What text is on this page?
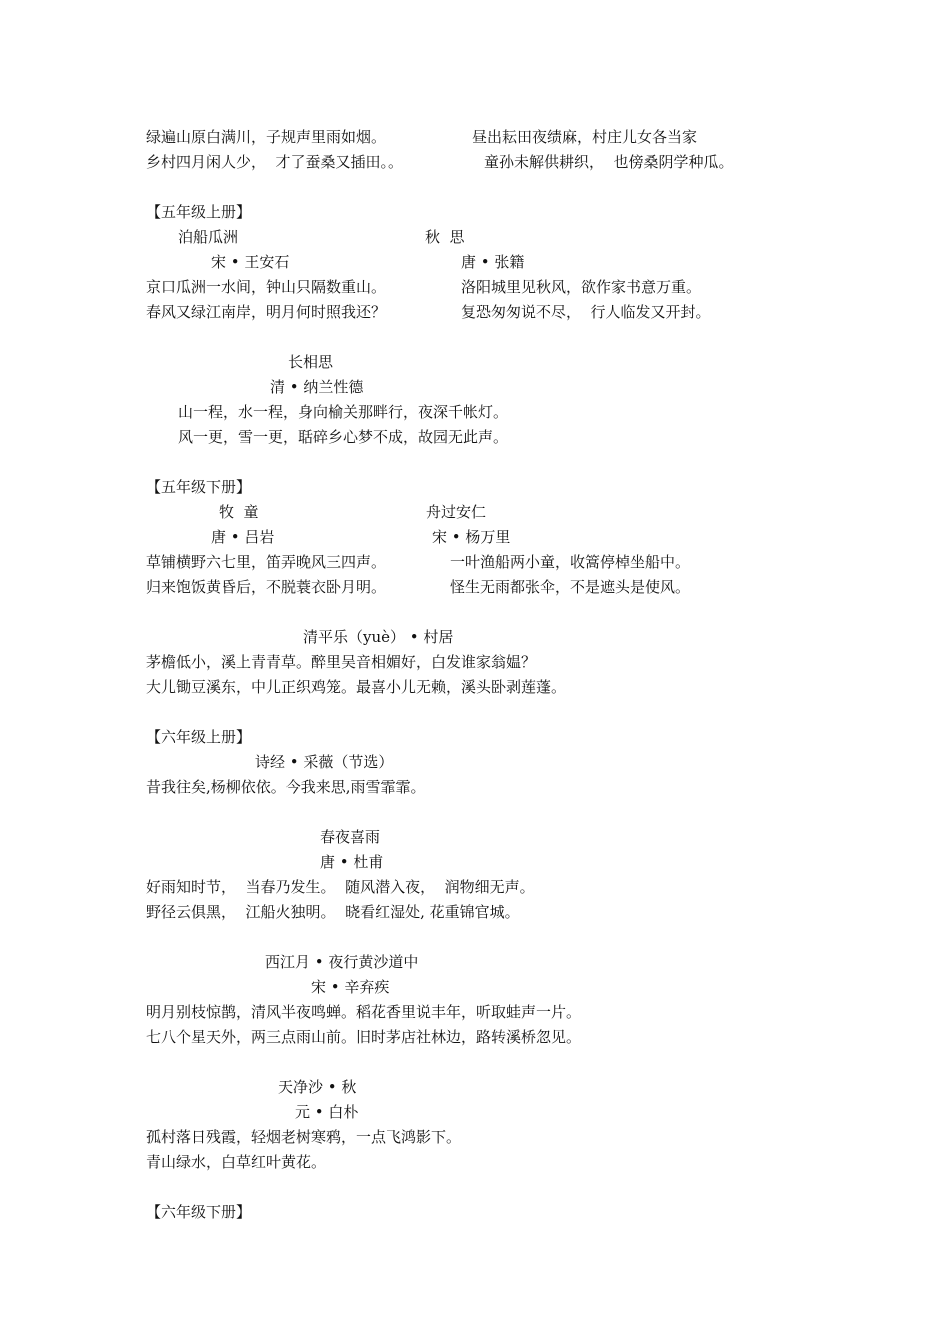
绿遍山原白满川，子规声里雨如烟。	昼出耘田夜绩麻，村庄儿女各当家
乡村四月闲人少，  才了蚕桑又插田。。	童孙未解供耕织，  也傍桑阴学种瓜。
【五年级上册】
泊船瓜洲	秋  思
宋 • 王安石	唐 • 张籍
京口瓜洲一水间，钟山只隔数重山。	洛阳城里见秋风，欲作家书意万重。
春风又绿江南岸，明月何时照我还？	复恐匆匆说不尽，  行人临发又开封。
长相思
清 • 纳兰性德
山一程，水一程，身向榆关那畔行，夜深千帐灯。
风一更，雪一更，聒碎乡心梦不成，故园无此声。
【五年级下册】
牧  童	舟过安仁
唐 • 吕岩	宋 • 杨万里
草铺横野六七里，笛弄晚风三四声。	一叶渔船两小童，收篙停棹坐船中。
归来饱饭黄昏后，不脱蓑衣卧月明。	怪生无雨都张伞，不是遮头是使风。
清平乐（yuè） • 村居
茅檐低小，溪上青青草。醉里吴音相媚好，白发谁家翁媪？
大儿锄豆溪东，中儿正织鸡笼。最喜小儿无赖，溪头卧剥莲蓬。
【六年级上册】
诗经 • 采薇（节选）
昔我往矣,杨柳依依。今我来思,雨雪霏霏。
春夜喜雨
唐 • 杜甫
好雨知时节，  当春乃发生。  随风潜入夜，  润物细无声。
野径云俱黑，  江船火独明。  晓看红湿处, 花重锦官城。
西江月 • 夜行黄沙道中
宋 • 辛弃疾
明月别枝惊鹊，清风半夜鸣蝉。稻花香里说丰年，听取蛙声一片。
七八个星天外，两三点雨山前。旧时茅店社林边，路转溪桥忽见。
天净沙 • 秋
元 • 白朴
孤村落日残霞，轻烟老树寒鸦，一点飞鸿影下。
青山绿水，白草红叶黄花。
【六年级下册】
